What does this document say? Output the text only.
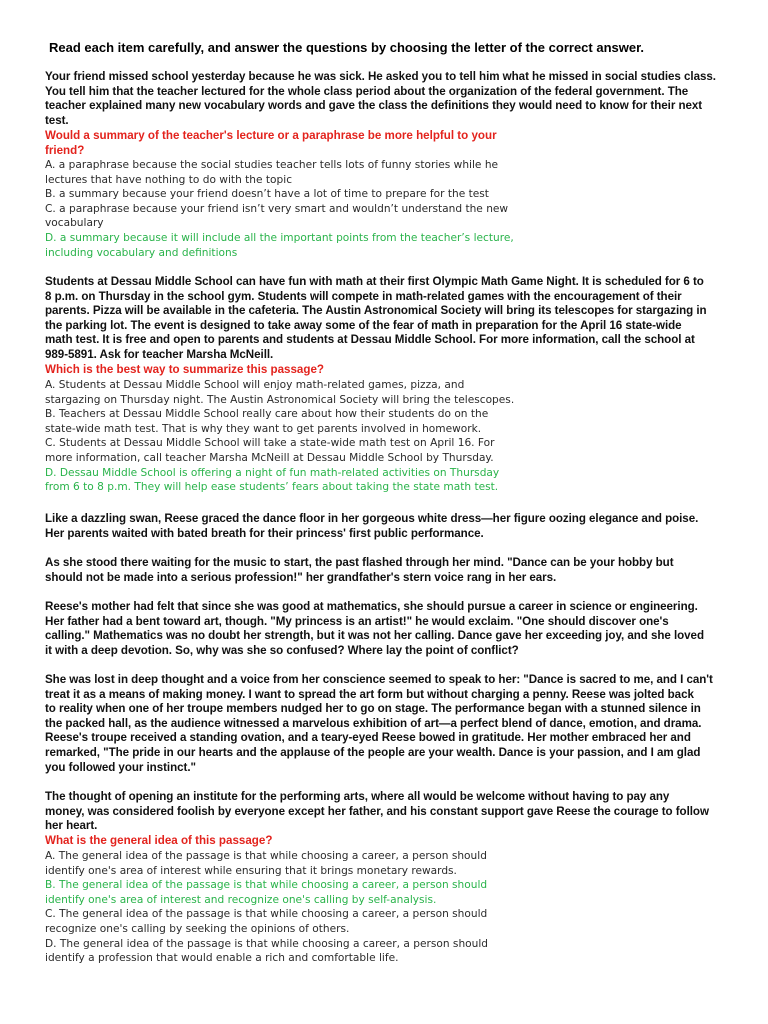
Read each item carefully, and answer the questions by choosing the letter of the correct answer.
Your friend missed school yesterday because he was sick. He asked you to tell him what he missed in social studies class.
You tell him that the teacher lectured for the whole class period about the organization of the federal government. The
teacher explained many new vocabulary words and gave the class the definitions they would need to know for their next
test.
Would a summary of the teacher's lecture or a paraphrase be more helpful to your
friend?
A. a paraphrase because the social studies teacher tells lots of funny stories while he
lectures that have nothing to do with the topic
B. a summary because your friend doesn’t have a lot of time to prepare for the test
C. a paraphrase because your friend isn’t very smart and wouldn’t understand the new
vocabulary
D. a summary because it will include all the important points from the teacher’s lecture,
including vocabulary and definitions
Students at Dessau Middle School can have fun with math at their first Olympic Math Game Night. It is scheduled for 6 to
8 p.m. on Thursday in the school gym. Students will compete in math-related games with the encouragement of their
parents. Pizza will be available in the cafeteria. The Austin Astronomical Society will bring its telescopes for stargazing in
the parking lot. The event is designed to take away some of the fear of math in preparation for the April 16 state-wide
math test. It is free and open to parents and students at Dessau Middle School. For more information, call the school at
989-5891. Ask for teacher Marsha McNeill.
Which is the best way to summarize this passage?
A. Students at Dessau Middle School will enjoy math-related games, pizza, and
stargazing on Thursday night. The Austin Astronomical Society will bring the telescopes.
B. Teachers at Dessau Middle School really care about how their students do on the
state-wide math test. That is why they want to get parents involved in homework.
C. Students at Dessau Middle School will take a state-wide math test on April 16. For
more information, call teacher Marsha McNeill at Dessau Middle School by Thursday.
D. Dessau Middle School is offering a night of fun math-related activities on Thursday
from 6 to 8 p.m. They will help ease students’ fears about taking the state math test.
Like a dazzling swan, Reese graced the dance floor in her gorgeous white dress—her figure oozing elegance and poise.
Her parents waited with bated breath for their princess' first public performance.
As she stood there waiting for the music to start, the past flashed through her mind. "Dance can be your hobby but
should not be made into a serious profession!" her grandfather's stern voice rang in her ears.
Reese's mother had felt that since she was good at mathematics, she should pursue a career in science or engineering.
Her father had a bent toward art, though. "My princess is an artist!" he would exclaim. "One should discover one's
calling." Mathematics was no doubt her strength, but it was not her calling. Dance gave her exceeding joy, and she loved
it with a deep devotion. So, why was she so confused? Where lay the point of conflict?
She was lost in deep thought and a voice from her conscience seemed to speak to her: "Dance is sacred to me, and I can't
treat it as a means of making money. I want to spread the art form but without charging a penny. Reese was jolted back
to reality when one of her troupe members nudged her to go on stage. The performance began with a stunned silence in
the packed hall, as the audience witnessed a marvelous exhibition of art—a perfect blend of dance, emotion, and drama.
Reese's troupe received a standing ovation, and a teary-eyed Reese bowed in gratitude. Her mother embraced her and
remarked, "The pride in our hearts and the applause of the people are your wealth. Dance is your passion, and I am glad
you followed your instinct."
The thought of opening an institute for the performing arts, where all would be welcome without having to pay any
money, was considered foolish by everyone except her father, and his constant support gave Reese the courage to follow
her heart.
What is the general idea of this passage?
A. The general idea of the passage is that while choosing a career, a person should
identify one's area of interest while ensuring that it brings monetary rewards.
B. The general idea of the passage is that while choosing a career, a person should
identify one's area of interest and recognize one's calling by self-analysis.
C. The general idea of the passage is that while choosing a career, a person should
recognize one's calling by seeking the opinions of others.
D. The general idea of the passage is that while choosing a career, a person should
identify a profession that would enable a rich and comfortable life.
